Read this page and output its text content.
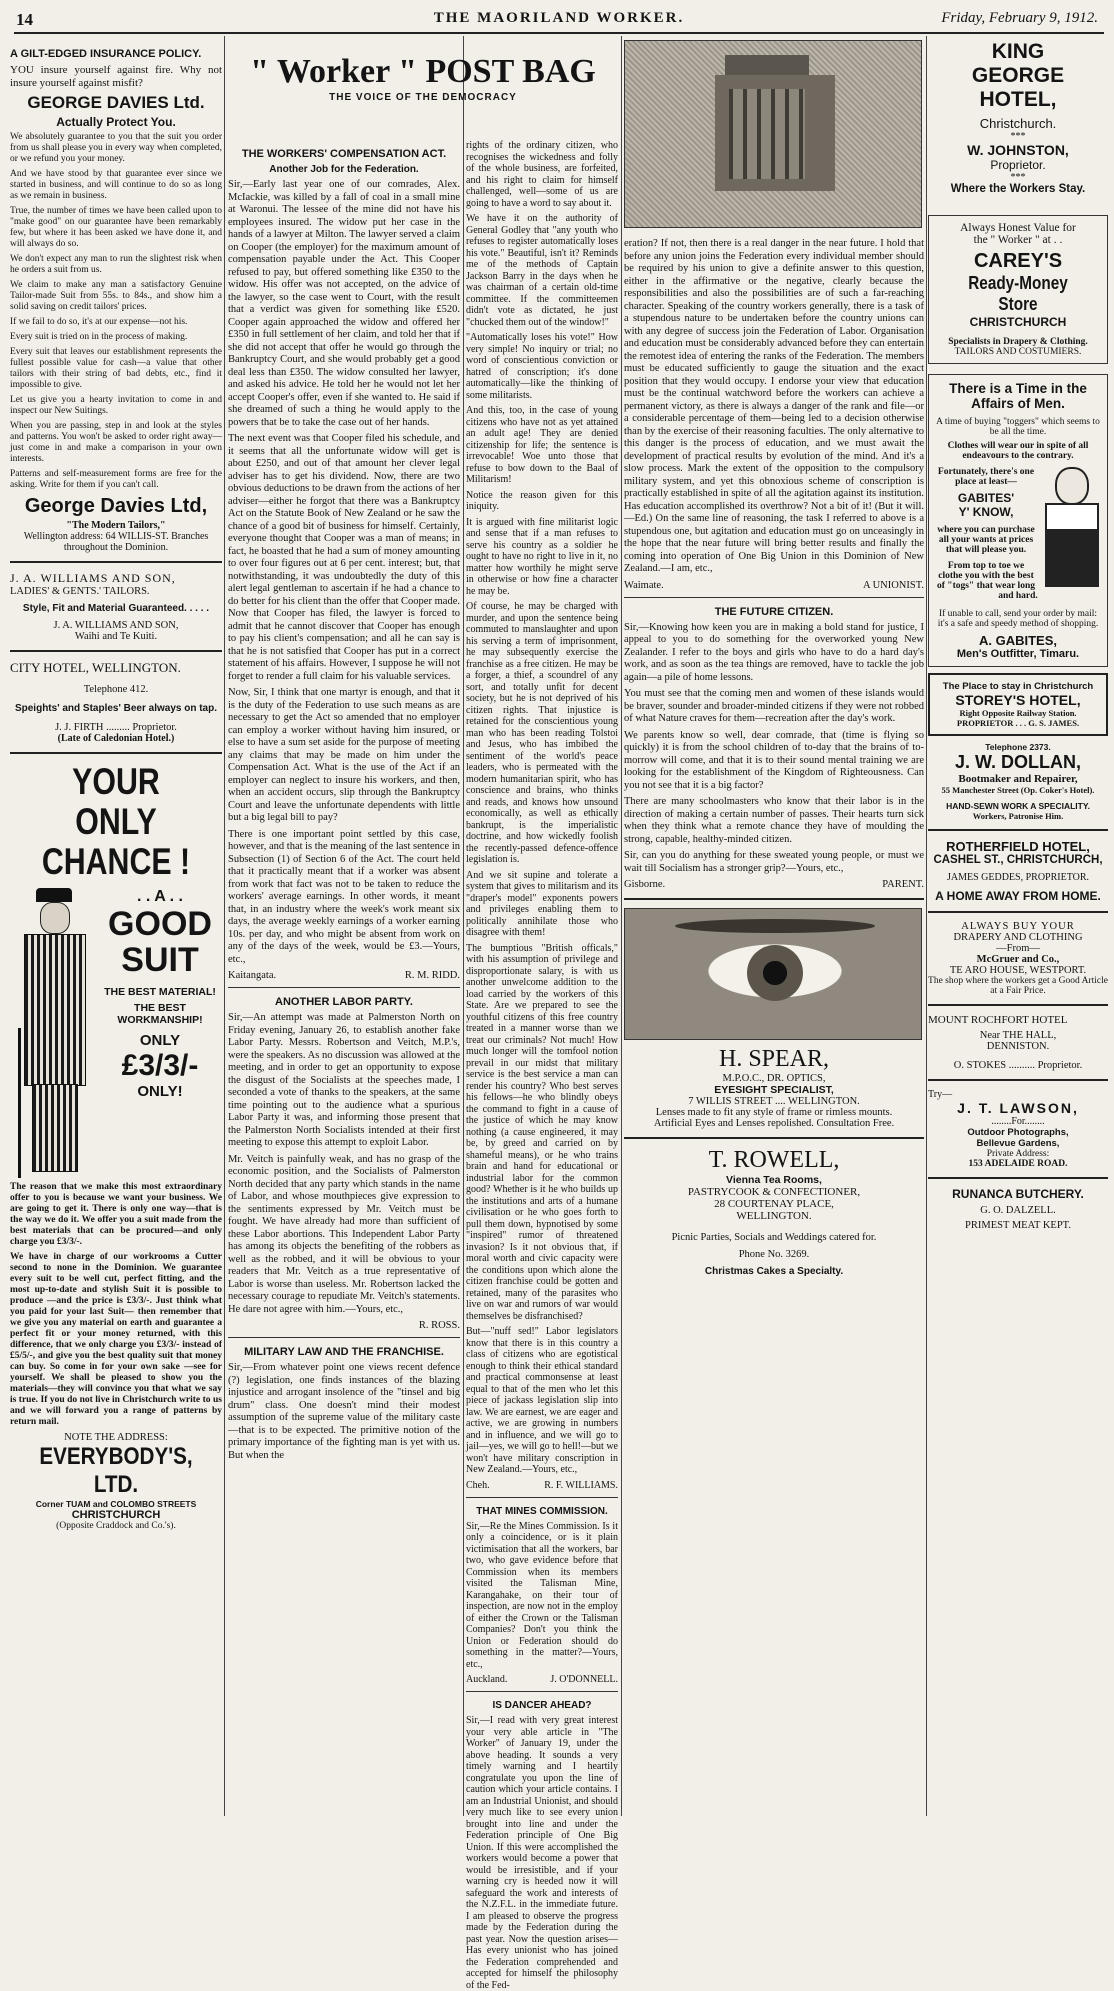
14	THE MAORILAND WORKER.	Friday, February 9, 1912.
A GILT-EDGED INSURANCE POLICY.

YOU insure yourself against fire. Why not insure yourself against misfit?

GEORGE DAVIES Ltd.
Actually Protect You.

We absolutely guarantee to you that the suit you order from us shall please you in every way when completed, or we refund you your money.

And we have stood by that guarantee ever since we started in business, and will continue to do so as long as we remain in business.

True, the number of times we have been called upon to "make good" on our guarantee have been remarkably few, but where it has been asked we have done it, and will always do so.

We don't expect any man to run the slightest risk when he orders a suit from us.

We claim to make any man a satisfactory Genuine Tailor-made Suit from 55s. to 84s., and show him a solid saving on credit tailors' prices.

If we fail to do so, it's at our expense—not his.

Every suit is tried on in the process of making.

Every suit that leaves our establishment represents the fullest possible value for cash—a value that other tailors with their string of bad debts, etc., find it impossible to give.

Let us give you a hearty invitation to come in and inspect our New Suitings.

When you are passing, step in and look at the styles and patterns. You won't be asked to order right away—just come in and make a comparison in your own interests.

Patterns and self-measurement forms are free for the asking. Write for them if you can't call.

George Davies Ltd,
"The Modern Tailors,"
Wellington address: 64 WILLIS-ST. Branches throughout the Dominion.
J. A. WILLIAMS AND SON,
LADIES' & GENTS.' TAILORS.
Style, Fit and Material Guaranteed. . . . .
J. A. WILLIAMS AND SON,
Waihi and Te Kuiti.
CITY HOTEL, WELLINGTON.
Telephone 412.
Speights' and Staples' Beer always on tap.
J. J. FIRTH ......... Proprietor.
(Late of Caledonian Hotel.)
YOUR ONLY
CHANCE !
. . A . .
GOOD
SUIT
THE BEST MATERIAL!
THE BEST WORKMANSHIP!
ONLY
£3/3/-
ONLY!

The reason that we make this most extraordinary offer to you is because we want your business. We are going to get it. There is only one way—that is the way we do it. We offer you a suit made from the best materials that can be procured—and only charge you £3/3/-.

We have in charge of our workrooms a Cutter second to none in the Dominion. We guarantee every suit to be well cut, perfect fitting, and the most up-to-date and stylish Suit it is possible to produce —and the price is £3/3/-. Just think what you paid for your last Suit— then remember that we give you any material on earth and guarantee a perfect fit or your money returned, with this difference, that we only charge you £3/3/- instead of £5/5/-, and give you the best quality suit that money can buy. So come in for your own sake —see for yourself. We shall be pleased to show you the materials—they will convince you that what we say is true. If you do not live in Christchurch write to us and we will forward you a range of patterns by return mail.

NOTE THE ADDRESS:
EVERYBODY'S, LTD.
Corner TUAM and COLOMBO STREETS
CHRISTCHURCH
(Opposite Craddock and Co.'s).
" Worker " POST BAG
THE VOICE OF THE DEMOCRACY
THE WORKERS' COMPENSATION ACT.
Another Job for the Federation.

Sir,—Early last year one of our comrades, Alex. McIackie, was killed by a fall of coal in a small mine at Waronui. The lessee of the mine did not have his employees insured. The widow put her case in the hands of a lawyer at Milton. The lawyer served a claim on Cooper (the employer) for the maximum amount of compensation payable under the Act. This Cooper refused to pay, but offered something like £350 to the widow. His offer was not accepted, on the advice of the lawyer, so the case went to Court, with the result that a verdict was given for something like £520. Cooper again approached the widow and offered her £350 in full settlement of her claim, and told her that if she did not accept that offer he would go through the Bankruptcy Court, and she would probably get a good deal less than £350. The widow consulted her lawyer, and asked his advice. He told her he would not let her accept Cooper's offer, even if she wanted to. He said if she dreamed of such a thing he would apply to the powers that be to take the case out of her hands.

The next event was that Cooper filed his schedule, and it seems that all the unfortunate widow will get is about £250, and out of that amount her clever legal adviser has to get his dividend. Now, there are two obvious deductions to be drawn from the actions of her adviser—either he forgot that there was a Bankruptcy Act on the Statute Book of New Zealand or he saw the chance of a good bit of business for himself. Certainly, everyone thought that Cooper was a man of means; in fact, he boasted that he had a sum of money amounting to over four figures out at 6 per cent. interest; but, that notwithstanding, it was undoubtedly the duty of this alert legal gentleman to ascertain if he had a chance to do better for his client than the offer that Cooper made. Now that Cooper has filed, the lawyer is forced to admit that he cannot discover that Cooper has enough to pay his client's compensation; and all he can say is that he is not satisfied that Cooper has put in a correct statement of his affairs. However, I suppose he will not forget to render a full claim for his valuable services.

Now, Sir, I think that one martyr is enough, and that it is the duty of the Federation to use such means as are necessary to get the Act so amended that no employer can employ a worker without having him insured, or else to have a sum set aside for the purpose of meeting any claims that may be made on him under the Compensation Act. What is the use of the Act if an employer can neglect to insure his workers, and then, when an accident occurs, slip through the Bankruptcy Court and leave the unfortunate dependents with little but a big legal bill to pay?

There is one important point settled by this case, however, and that is the meaning of the last sentence in Subsection (1) of Section 6 of the Act. The court held that it practically meant that if a worker was absent from work that fact was not to be taken to reduce the workers' average earnings. In other words, it meant that, in an industry where the week's work meant six days, the average weekly earnings of a worker earning 10s. per day, and who might be absent from work on any of the days of the week, would be £3.—Yours, etc.,

Kaitangata.	R. M. RIDD.
ANOTHER LABOR PARTY.

Sir,—An attempt was made at Palmerston North on Friday evening, January 26, to establish another fake Labor Party. Messrs. Robertson and Veitch, M.P.'s, were the speakers. As no discussion was allowed at the meeting, and in order to get an opportunity to expose the disgust of the Socialists at the speeches made, I seconded a vote of thanks to the speakers, at the same time pointing out to the audience what a spurious Labor Party it was, and informing those present that the Palmerston North Socialists intended at their first meeting to expose this attempt to exploit Labor.

Mr. Veitch is painfully weak, and has no grasp of the economic position, and the Socialists of Palmerston North decided that any party which stands in the name of Labor, and whose mouthpieces give expression to the sentiments expressed by Mr. Veitch must be fought. We have already had more than sufficient of these Labor abortions. This Independent Labor Party has among its objects the benefiting of the robbers as well as the robbed, and it will be obvious to your readers that Mr. Veitch as a true representative of Labor is worse than useless. Mr. Robertson lacked the necessary courage to repudiate Mr. Veitch's statements. He dare not agree with him.—Yours, etc.,

R. ROSS.
MILITARY LAW AND THE FRANCHISE.

Sir,—From whatever point one views recent defence (?) legislation, one finds instances of the blazing injustice and arrogant insolence of the "tinsel and big drum" class. One doesn't mind their modest assumption of the supreme value of the military caste—that is to be expected. The primitive notion of the primary importance of the fighting man is yet with us. But when the

rights of the ordinary citizen, who recognises the wickedness and folly of the whole business, are forfeited, and his right to claim for himself challenged, well—some of us are going to have a word to say about it.

We have it on the authority of General Godley that "any youth who refuses to register automatically loses his vote." Beautiful, isn't it? Reminds me of the methods of Captain Jackson Barry in the days when he was chairman of a certain old-time committee. If the committeemen didn't vote as dictated, he just "chucked them out of the window!"

"Automatically loses his vote!" How very simple! No inquiry or trial; no word of conscientious conviction or hatred of conscription; it's done automatically—like the thinking of some militarists.

And this, too, in the case of young citizens who have not as yet attained an adult age! They are denied citizenship for life; the sentence is irrevocable! Woe unto those that refuse to bow down to the Baal of Militarism!

Notice the reason given for this iniquity.

It is argued with fine militarist logic and sense that if a man refuses to serve his country as a soldier he ought to have no right to live in it, no matter how worthily he might serve in otherwise or how fine a character he may be.

Of course, he may be charged with murder, and upon the sentence being commuted to manslaughter and upon his serving a term of imprisonment, he may subsequently exercise the franchise as a free citizen. He may be a forger, a thief, a scoundrel of any sort, and totally unfit for decent society, but he is not deprived of his citizen rights. That injustice is retained for the conscientious young man who has been reading Tolstoi and Jesus, who has imbibed the sentiment of the world's peace leaders, who is permeated with the modern humanitarian spirit, who has conscience and brains, who thinks and reads, and knows how unsound economically, as well as ethically bankrupt, is the imperialistic doctrine, and how wickedly foolish the recently-passed defence-offence legislation is.

And we sit supine and tolerate a system that gives to militarism and its "draper's model" exponents powers and privileges enabling them to politically annihilate those who disagree with them!

The bumptious "British officals," with his assumption of privilege and disproportionate salary, is with us another unwelcome addition to the load carried by the workers of this State. Are we prepared to see the youthful citizens of this free country treated in a manner worse than we treat our criminals? Not much! How much longer will the tomfool notion prevail in our midst that military service is the best service a man can render his country? Who best serves his fellows—he who blindly obeys the command to fight in a cause of the justice of which he may know nothing (a cause engineered, it may be, by greed and carried on by shameful means), or he who trains brain and hand for educational or industrial labor for the common good? Whether is it he who builds up the institutions and arts of a humane civilisation or he who goes forth to pull them down, hypnotised by some "inspired" rumor of threatened invasion? Is it not obvious that, if moral worth and civic capacity were the conditions upon which alone the citizen franchise could be gotten and retained, many of the parasites who live on war and rumors of war would themselves be disfranchised?

But—"nuff sed!" Labor legislators know that there is in this country a class of citizens who are egotistical enough to think their ethical standard and practical commonsense at least equal to that of the men who let this piece of jackass legislation slip into law. We are earnest, we are eager and active, we are growing in numbers and in influence, and we will go to jail—yes, we will go to hell!—but we won't have military conscription in New Zealand.—Yours, etc.,

Cheh.	R. F. WILLIAMS.
THAT MINES COMMISSION.

Sir,—Re the Mines Commission. Is it only a coincidence, or is it plain victimisation that all the workers, bar two, who gave evidence before that Commission when its members visited the Talisman Mine, Karangahake, on their tour of inspection, are now not in the employ of either the Crown or the Talisman Companies? Don't you think the Union or Federation should do something in the matter?—Yours, etc.,

Auckland.	J. O'DONNELL.
IS DANCER AHEAD?

Sir,—I read with very great interest your very able article in "The Worker" of January 19, under the above heading. It sounds a very timely warning and I heartily congratulate you upon the line of caution which your article contains. I am an Industrial Unionist, and should very much like to see every union brought into line and under the Federation principle of One Big Union. If this were accomplished the workers would become a power that would be irresistible, and if your warning cry is heeded now it will safeguard the work and interests of the N.Z.F.L. in the immediate future. I am pleased to observe the progress made by the Federation during the past year. Now the question arises—Has every unionist who has joined the Federation comprehended and accepted for himself the philosophy of the Fed-

eration? If not, then there is a real danger in the near future. I hold that before any union joins the Federation every individual member should be required by his union to give a definite answer to this question, either in the affirmative or the negative, clearly because the responsibilities and also the possibilities are of such a far-reaching character. Speaking of the country workers generally, there is a task of a stupendous nature to be undertaken before the country unions can with any degree of success join the Federation of Labor. Organisation and education must be considerably advanced before they can entertain the remotest idea of entering the ranks of the Federation. The members must be educated sufficiently to gauge the situation and the exact position that they would occupy. I endorse your view that education must be the continual watchword before the workers can achieve a permanent victory, as there is always a danger of the rank and file—or a considerable percentage of them—being led to a decision otherwise than by the exercise of their reasoning faculties. The only alternative to this danger is the process of education, and we must await the development of practical results by evolution of the mind. And it's a slow process. Mark the extent of the opposition to the compulsory military system, and yet this obnoxious scheme of conscription is practically established in spite of all the agitation against its institution. Has education accomplished its overthrow? Not a bit of it! (But it will.—Ed.) On the same line of reasoning, the task I referred to above is a stupendous one, but agitation and education must go on unceasingly in the hope that the near future will bring better results and finally the coming into operation of One Big Union in this Dominion of New Zealand.—I am, etc.,

Waimate.	A UNIONIST.
THE FUTURE CITIZEN.

Sir,—Knowing how keen you are in making a bold stand for justice, I appeal to you to do something for the overworked young New Zealander. I refer to the boys and girls who have to do a hard day's work, and as soon as the tea things are removed, have to tackle the job again—a pile of home lessons.

You must see that the coming men and women of these islands would be braver, sounder and broader-minded citizens if they were not robbed of what Nature craves for them—recreation after the day's work.

We parents know so well, dear comrade, that (time is flying so quickly) it is from the school children of to-day that the brains of to-morrow will come, and that it is to their sound mental training we are looking for the establishment of the Kingdom of Righteousness. Can you not see that it is a big factor?

There are many schoolmasters who know that their labor is in the direction of making a certain number of passes. Their hearts turn sick when they think what a remote chance they have of moulding the strong, capable, healthy-minded citizen.

Sir, can you do anything for these sweated young people, or must we wait till Socialism has a stronger grip?—Yours, etc.,

Gisborne.	PARENT.
H. SPEAR,
M.P.O.C., DR. OPTICS,
EYESIGHT SPECIALIST,
7 WILLIS STREET .... WELLINGTON.
Lenses made to fit any style of frame or rimless mounts.
Artificial Eyes and Lenses repolished. Consultation Free.
T. ROWELL,
Vienna Tea Rooms,
PASTRYCOOK & CONFECTIONER,
28 COURTENAY PLACE,
WELLINGTON.
Picnic Parties, Socials and Weddings catered for.
Phone No. 3269.
Christmas Cakes a Specialty.
KING
GEORGE
HOTEL,
Christchurch.
***
W. JOHNSTON,
Proprietor.
***
Where the Workers Stay.
Always Honest Value for
the " Worker " at . .
CAREY'S
Ready-Money Store
CHRISTCHURCH
Specialists in Drapery & Clothing.
TAILORS AND COSTUMIERS.
There is a Time in the Affairs of Men.
A time of buying "toggers" which seems to be all the time.
Clothes will wear our in spite of all endeavours to the contrary.
Fortunately, there's one place at least—
GABITES'
Y' KNOW,
where you can purchase all your wants at prices that will please you.
From top to toe we clothe you with the best of "togs" that wear long and hard.
If unable to call, send your order by mail: it's a safe and speedy method of shopping.
A. GABITES,
Men's Outfitter, Timaru.
The Place to stay in Christchurch
STOREY'S HOTEL,
Right Opposite Railway Station.
PROPRIETOR . . . G. S. JAMES.
Telephone 2373.
J. W. DOLLAN,
Bootmaker and Repairer,
55 Manchester Street (Op. Coker's Hotel).
HAND-SEWN WORK A SPECIALITY.
Workers, Patronise Him.
ROTHERFIELD HOTEL,
CASHEL ST., CHRISTCHURCH,
JAMES GEDDES, PROPRIETOR.
A HOME AWAY FROM HOME.
ALWAYS BUY YOUR
DRAPERY AND CLOTHING
—From—
McGruer and Co.,
TE ARO HOUSE, WESTPORT.
The shop where the workers get a Good Article at a Fair Price.
MOUNT ROCHFORT HOTEL
Near THE HALL,
DENNISTON.
O. STOKES .......... Proprietor.
Try—
J. T. LAWSON,
........For........
Outdoor Photographs,
Bellevue Gardens,
Private Address:
153 ADELAIDE ROAD.
RUNANCA BUTCHERY.
G. O. DALZELL.
PRIMEST MEAT KEPT.
